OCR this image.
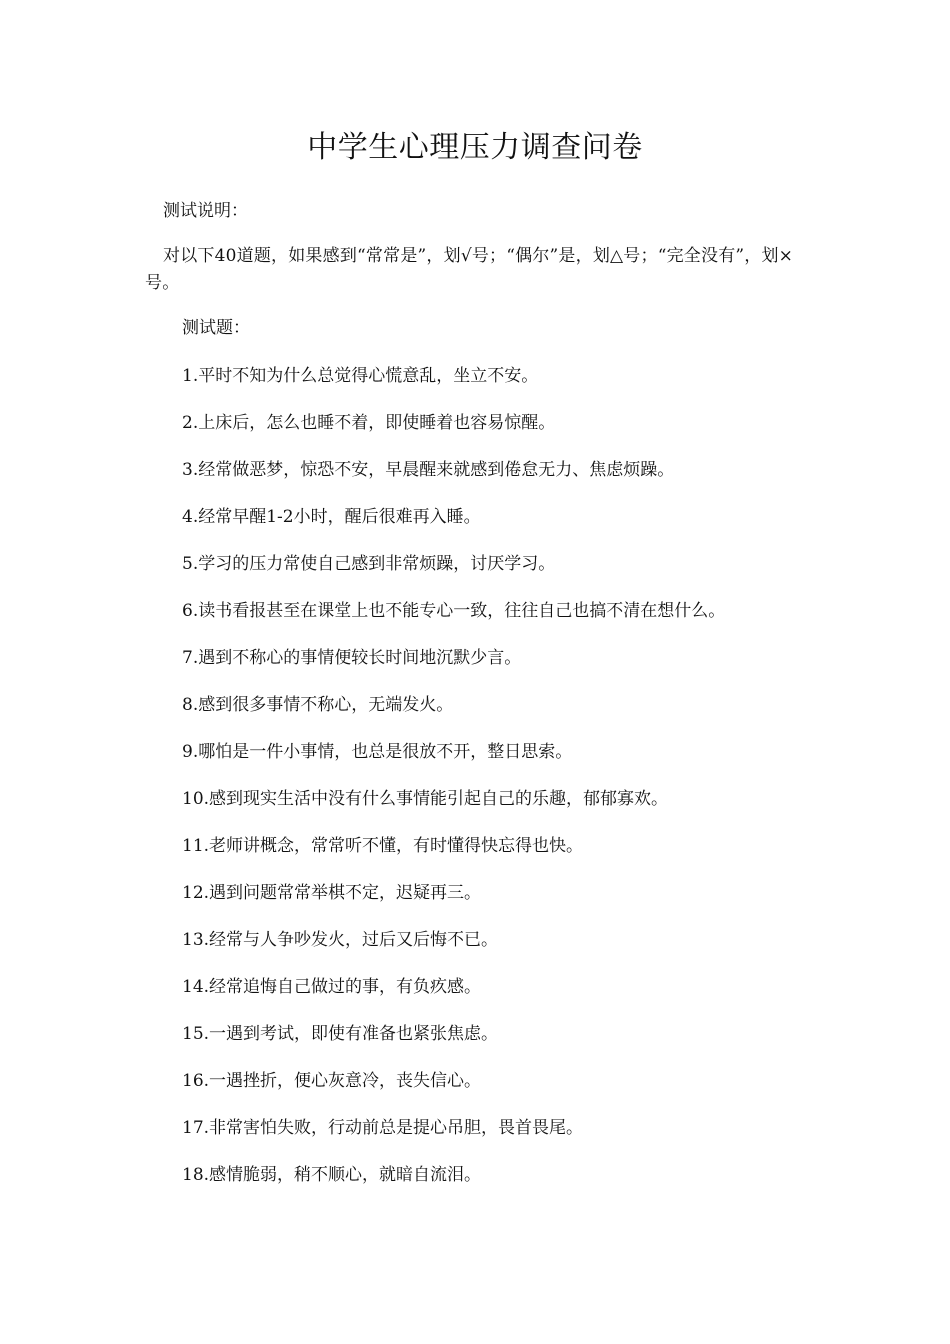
中学生心理压力调查问卷
测试说明：
对以下40道题，如果感到“常常是”，划√号；“偶尔”是，划△号；“完全没有”，划×号。
测试题：
1.平时不知为什么总觉得心慌意乱，坐立不安。
2.上床后，怎么也睡不着，即使睡着也容易惊醒。
3.经常做恶梦，惊恐不安，早晨醒来就感到倦怠无力、焦虑烦躁。
4.经常早醒1-2小时，醒后很难再入睡。
5.学习的压力常使自己感到非常烦躁，讨厌学习。
6.读书看报甚至在课堂上也不能专心一致，往往自己也搞不清在想什么。
7.遇到不称心的事情便较长时间地沉默少言。
8.感到很多事情不称心，无端发火。
9.哪怕是一件小事情，也总是很放不开，整日思索。
10.感到现实生活中没有什么事情能引起自己的乐趣，郁郁寡欢。
11.老师讲概念，常常听不懂，有时懂得快忘得也快。
12.遇到问题常常举棋不定，迟疑再三。
13.经常与人争吵发火，过后又后悔不已。
14.经常追悔自己做过的事，有负疚感。
15.一遇到考试，即使有准备也紧张焦虑。
16.一遇挫折，便心灰意冷，丧失信心。
17.非常害怕失败，行动前总是提心吊胆，畏首畏尾。
18.感情脆弱，稍不顺心，就暗自流泪。
